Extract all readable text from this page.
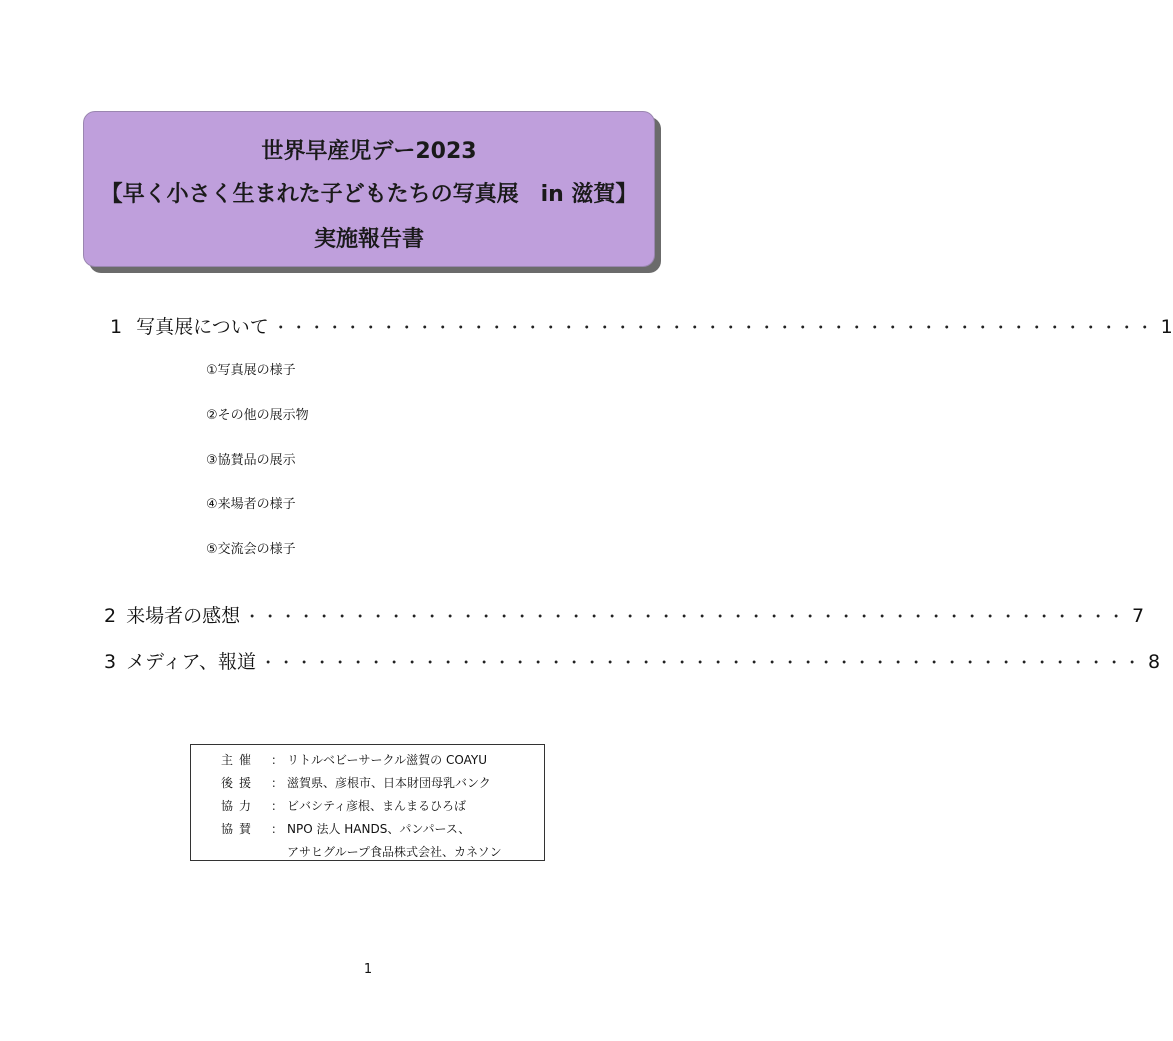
世界早産児デー2023
【早く小さく生まれた子どもたちの写真展　in 滋賀】
実施報告書
1 写真展について ・・・・・・・・・・・・・・・・・・・・・・・・・・・・・・・・・・・・・・・・・・・・・・・・・ 1
①写真展の様子
②その他の展示物
③協賛品の展示
④来場者の様子
⑤交流会の様子
2 来場者の感想 ・・・・・・・・・・・・・・・・・・・・・・・・・・・・・・・・・・・・・・・・・・・・・・・・・ 7
3 メディア、報道 ・・・・・・・・・・・・・・・・・・・・・・・・・・・・・・・・・・・・・・・・・・・・・・・・・ 8
主催 ： リトルベビーサークル滋賀の COAYU
後援 ： 滋賀県、彦根市、日本財団母乳バンク
協力 ： ビバシティ彦根、まんまるひろば
協賛 ： NPO 法人 HANDS、パンパース、
アサヒグループ食品株式会社、カネソン
1
